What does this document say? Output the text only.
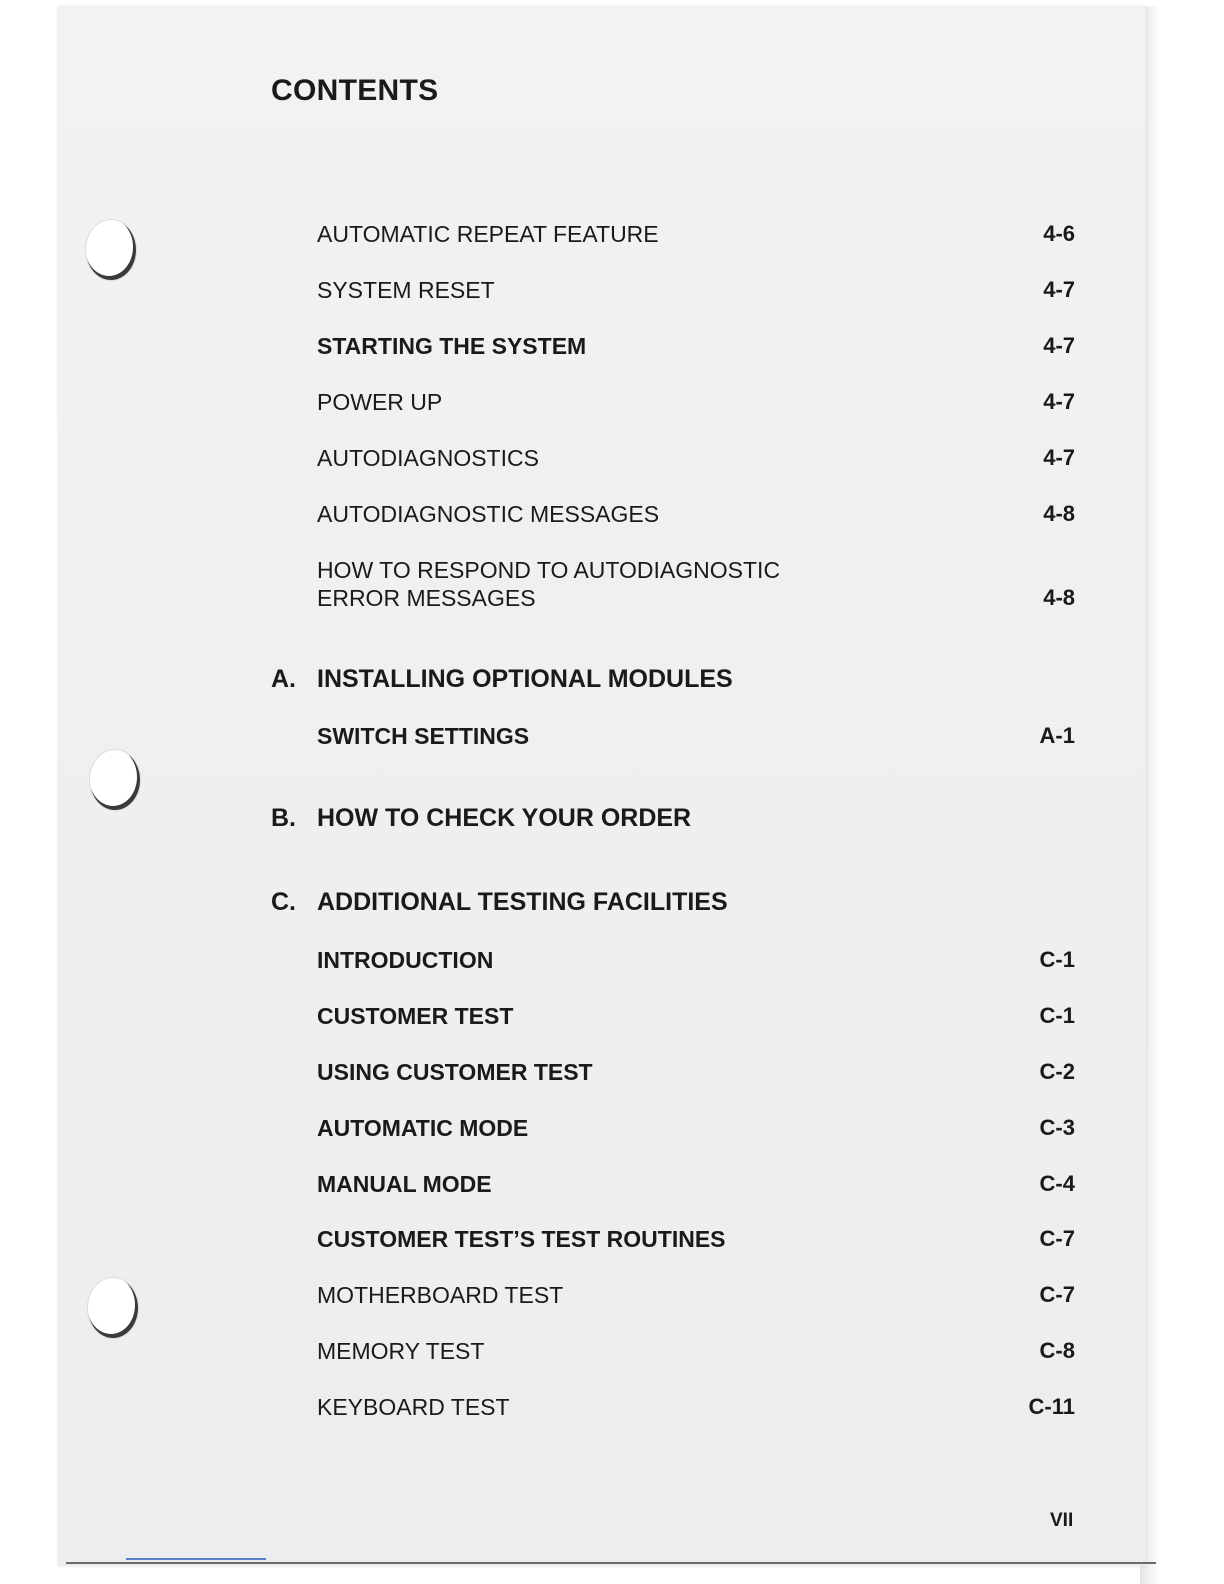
CONTENTS
AUTOMATIC REPEAT FEATURE	4-6
SYSTEM RESET	4-7
STARTING THE SYSTEM	4-7
POWER UP	4-7
AUTODIAGNOSTICS	4-7
AUTODIAGNOSTIC MESSAGES	4-8
HOW TO RESPOND TO AUTODIAGNOSTIC ERROR MESSAGES	4-8
A. INSTALLING OPTIONAL MODULES
SWITCH SETTINGS	A-1
B. HOW TO CHECK YOUR ORDER
C. ADDITIONAL TESTING FACILITIES
INTRODUCTION	C-1
CUSTOMER TEST	C-1
USING CUSTOMER TEST	C-2
AUTOMATIC MODE	C-3
MANUAL MODE	C-4
CUSTOMER TEST’S TEST ROUTINES	C-7
MOTHERBOARD TEST	C-7
MEMORY TEST	C-8
KEYBOARD TEST	C-11
VII
